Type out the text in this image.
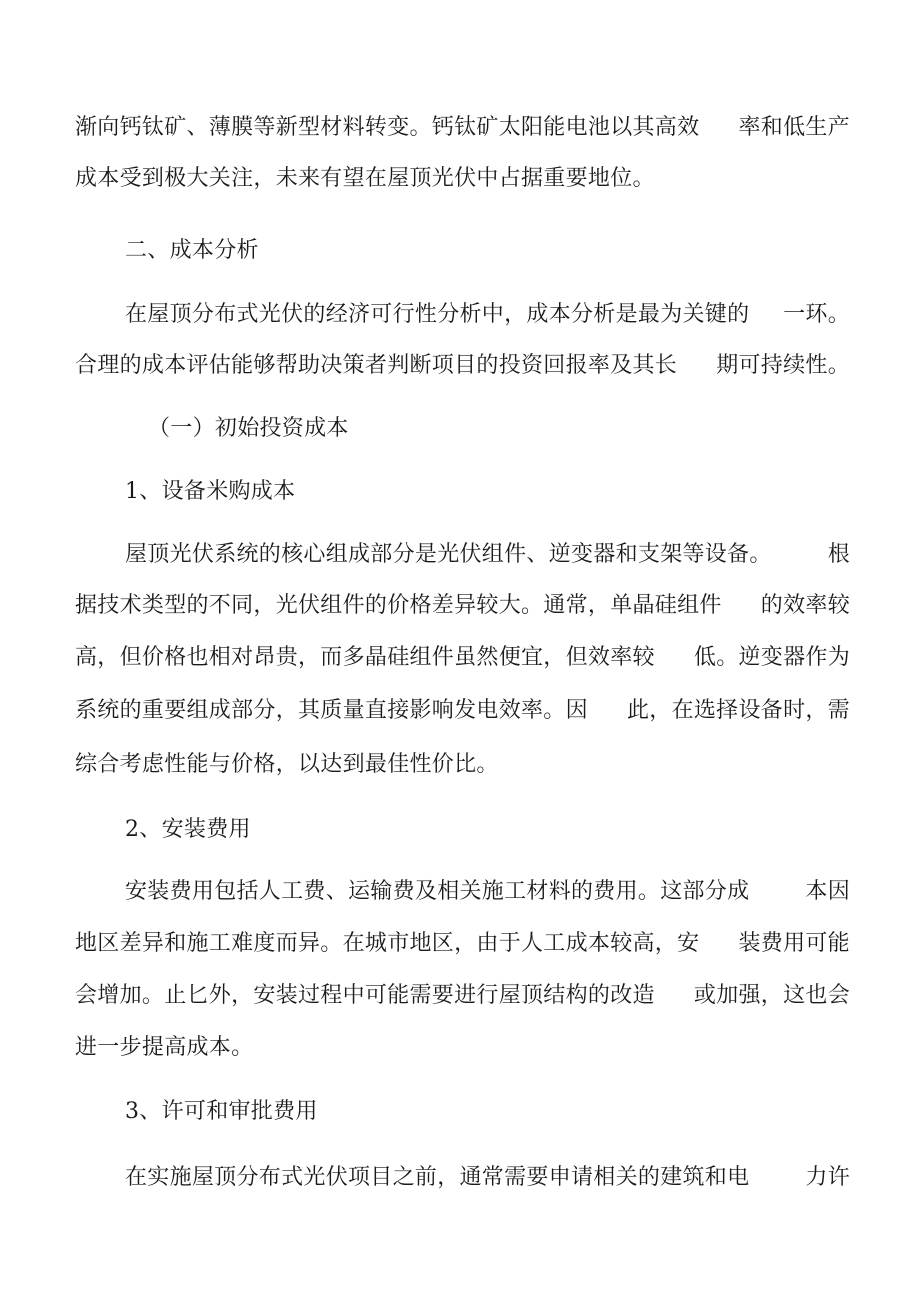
渐向钙钛矿、薄膜等新型材料转变。钙钛矿太阳能电池以其高效 率和低生产
成本受到极大关注，未来有望在屋顶光伏中占据重要地位。
二、成本分析
在屋顶分布式光伏的经济可行性分析中，成本分析是最为关键的 一环。
合理的成本评估能够帮助决策者判断项目的投资回报率及其长 期可持续性。
（一）初始投资成本
1、设备米购成本
屋顶光伏系统的核心组成部分是光伏组件、逆变器和支架等设备。	根
据技术类型的不同，光伏组件的价格差异较大。通常，单晶硅组件 的效率较
高，但价格也相对昂贵，而多晶硅组件虽然便宜，但效率较 低。逆变器作为
系统的重要组成部分，其质量直接影响发电效率。因 此，在选择设备时，需
综合考虑性能与价格，以达到最佳性价比。
2、安装费用
安装费用包括人工费、运输费及相关施工材料的费用。这部分成	本因
地区差异和施工难度而异。在城市地区，由于人工成本较高，安 装费用可能
会增加。止匕外，安装过程中可能需要进行屋顶结构的改造 或加强，这也会
进一步提高成本。
3、许可和审批费用
在实施屋顶分布式光伏项目之前，通常需要申请相关的建筑和电	力许
